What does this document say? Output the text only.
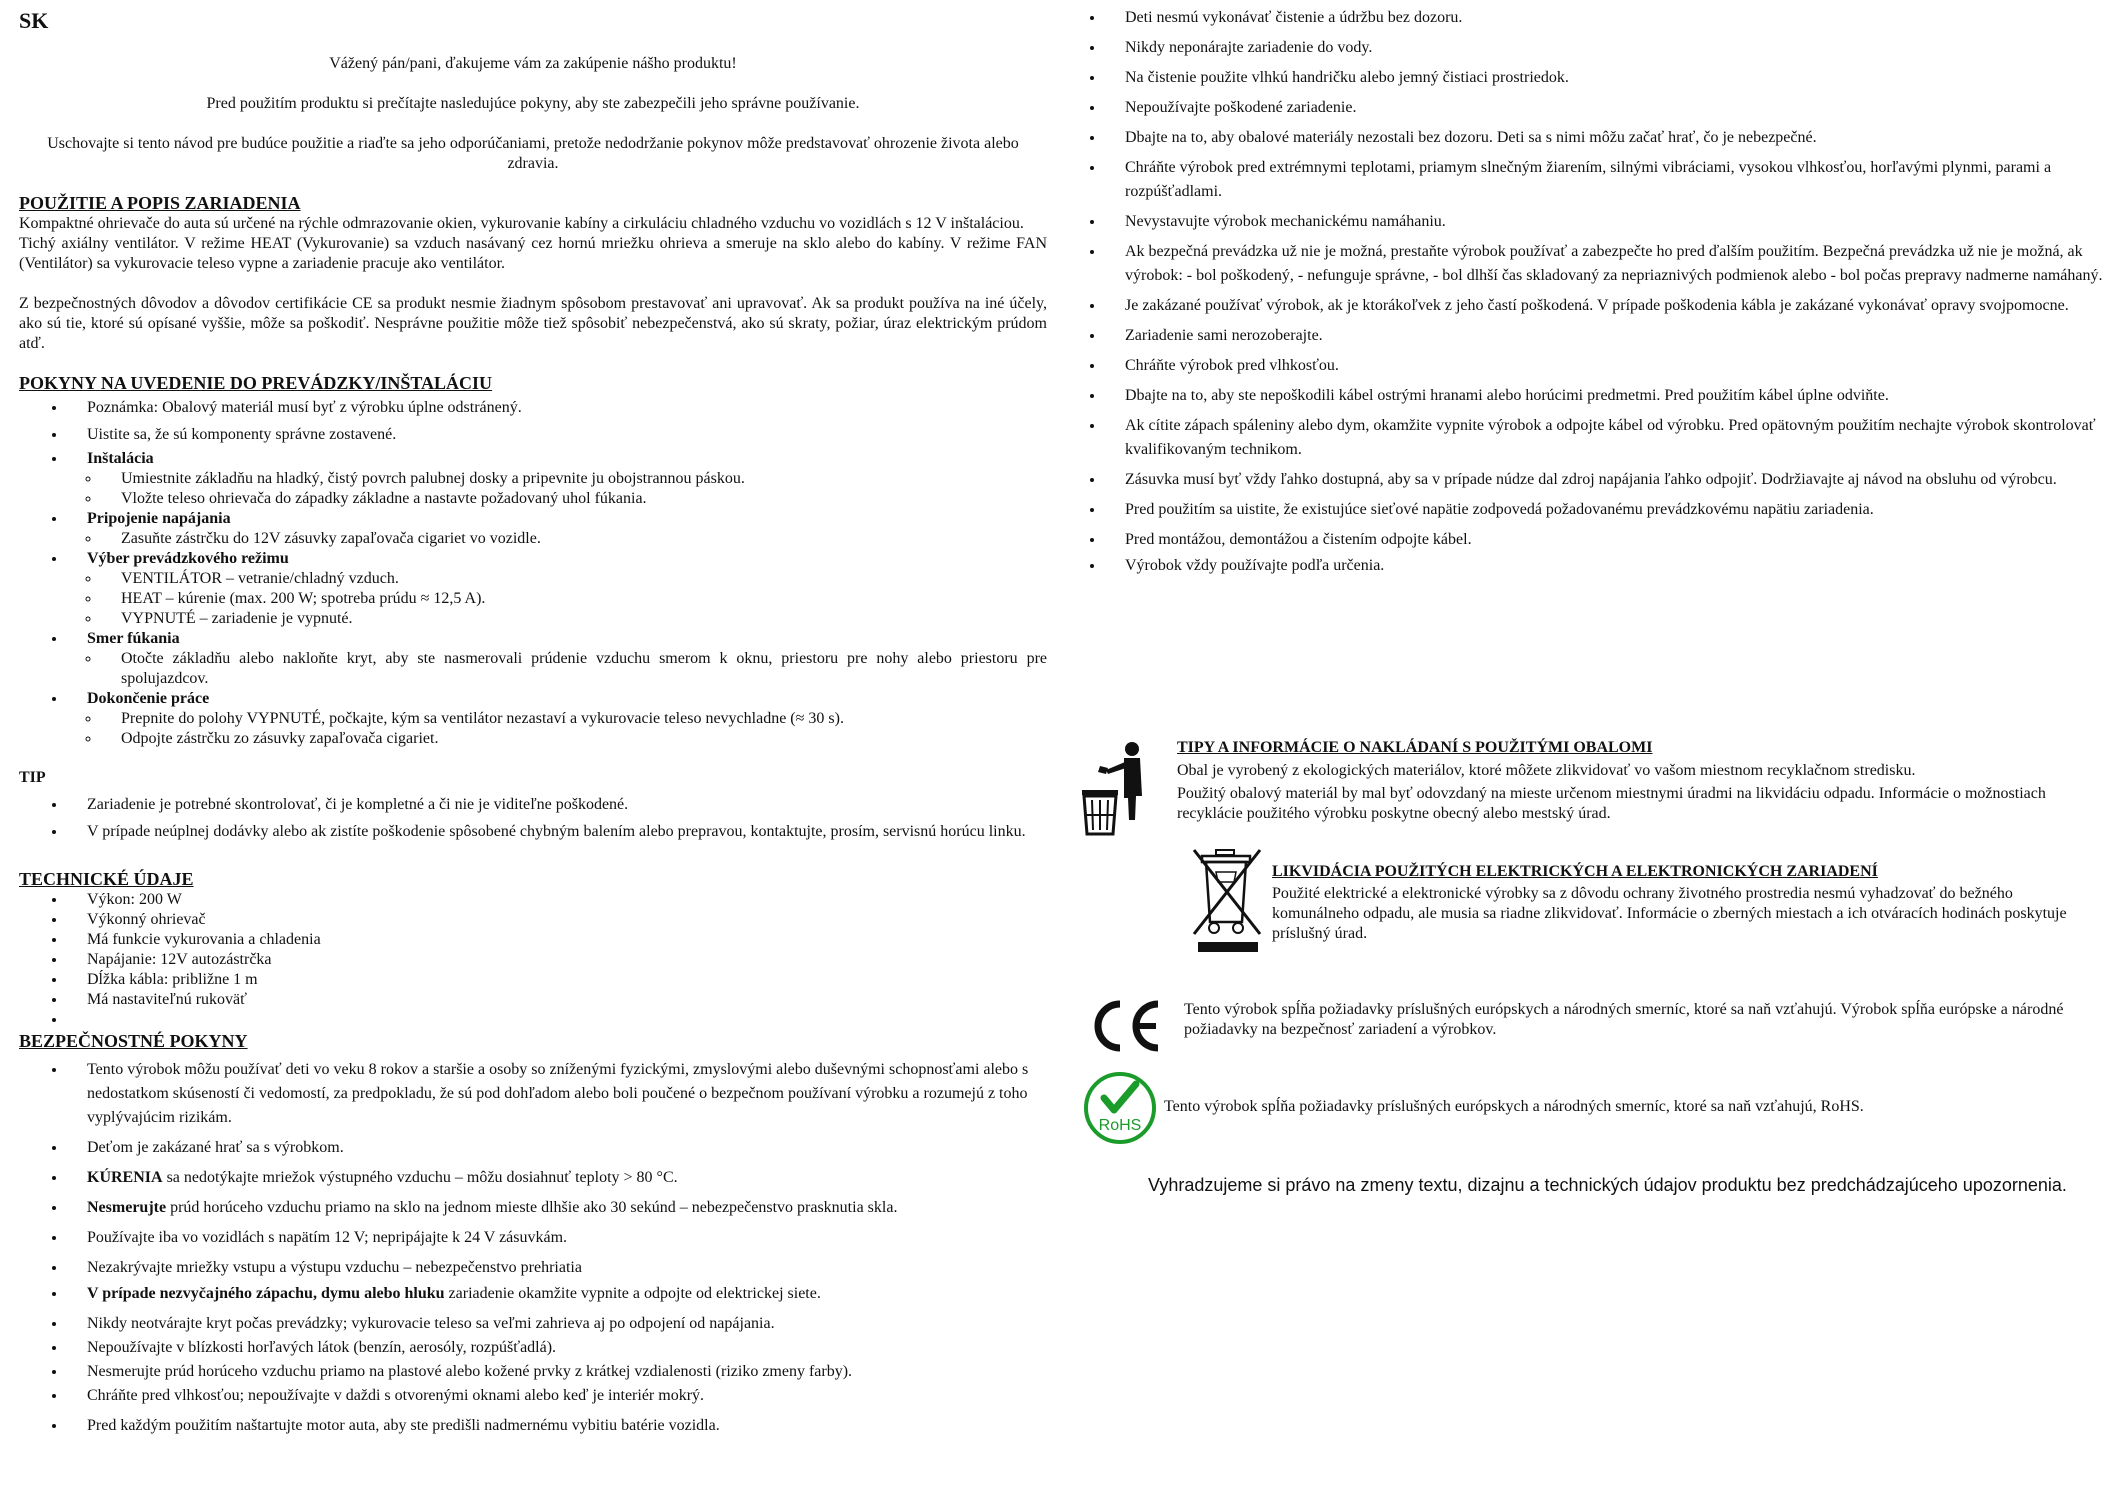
SK

Vážený pán/pani, ďakujeme vám za zakúpenie nášho produktu!

Pred použitím produktu si prečítajte nasledujúce pokyny, aby ste zabezpečili jeho správne používanie.

Uschovajte si tento návod pre budúce použitie a riaďte sa jeho odporúčaniami, pretože nedodržanie pokynov môže predstavovať ohrozenie života alebo zdravia.

POUŽITIE A POPIS ZARIADENIA

Kompaktné ohrievače do auta sú určené na rýchle odmrazovanie okien, vykurovanie kabíny a cirkuláciu chladného vzduchu vo vozidlách s 12 V inštaláciou.

Tichý axiálny ventilátor. V režime HEAT (Vykurovanie) sa vzduch nasávaný cez hornú mriežku ohrieva a smeruje na sklo alebo do kabíny. V režime FAN (Ventilátor) sa vykurovacie teleso vypne a zariadenie pracuje ako ventilátor.

Z bezpečnostných dôvodov a dôvodov certifikácie CE sa produkt nesmie žiadnym spôsobom prestavovať ani upravovať. Ak sa produkt používa na iné účely, ako sú tie, ktoré sú opísané vyššie, môže sa poškodiť. Nesprávne použitie môže tiež spôsobiť nebezpečenstvá, ako sú skraty, požiar, úraz elektrickým prúdom atď.

POKYNY NA UVEDENIE DO PREVÁDZKY/INŠTALÁCIU
• Poznámka: Obalový materiál musí byť z výrobku úplne odstránený.
• Uistite sa, že sú komponenty správne zostavené.
• Inštalácia
◦ Umiestnite základňu na hladký, čistý povrch palubnej dosky a pripevnite ju obojstrannou páskou.
◦ Vložte teleso ohrievača do západky základne a nastavte požadovaný uhol fúkania.
• Pripojenie napájania
◦ Zasuňte zástrčku do 12V zásuvky zapaľovača cigariet vo vozidle.
• Výber prevádzkového režimu
◦ VENTILÁTOR – vetranie/chladný vzduch.
◦ HEAT – kúrenie (max. 200 W; spotreba prúdu ≈ 12,5 A).
◦ VYPNUTÉ – zariadenie je vypnuté.
• Smer fúkania
◦ Otočte základňu alebo nakloňte kryt, aby ste nasmerovali prúdenie vzduchu smerom k oknu, priestoru pre nohy alebo priestoru pre spolujazdcov.
• Dokončenie práce
◦ Prepnite do polohy VYPNUTÉ, počkajte, kým sa ventilátor nezastaví a vykurovacie teleso nevychladne (≈ 30 s).
◦ Odpojte zástrčku zo zásuvky zapaľovača cigariet.
TIP
• Zariadenie je potrebné skontrolovať, či je kompletné a či nie je viditeľne poškodené.
• V prípade neúplnej dodávky alebo ak zistíte poškodenie spôsobené chybným balením alebo prepravou, kontaktujte, prosím, servisnú horúcu linku.
TECHNICKÉ ÚDAJE
• Výkon: 200 W
• Výkonný ohrievač
• Má funkcie vykurovania a chladenia
• Napájanie: 12V autozástrčka
• Dĺžka kábla: približne 1 m
• Má nastaviteľnú rukoväť
•
BEZPEČNOSTNÉ POKYNY
• Tento výrobok môžu používať deti vo veku 8 rokov a staršie a osoby so zníženými fyzickými, zmyslovými alebo duševnými schopnosťami alebo s nedostatkom skúseností či vedomostí, za predpokladu, že sú pod dohľadom alebo boli poučené o bezpečnom používaní výrobku a rozumejú z toho vyplývajúcim rizikám.
• Deťom je zakázané hrať sa s výrobkom.
• KÚRENIA sa nedotýkajte mriežok výstupného vzduchu – môžu dosiahnuť teploty > 80 °C.
• Nesmerujte prúd horúceho vzduchu priamo na sklo na jednom mieste dlhšie ako 30 sekúnd – nebezpečenstvo prasknutia skla.
• Používajte iba vo vozidlách s napätím 12 V; nepripájajte k 24 V zásuvkám.
• Nezakrývajte mriežky vstupu a výstupu vzduchu – nebezpečenstvo prehriatia
• V prípade nezvyčajného zápachu, dymu alebo hluku zariadenie okamžite vypnite a odpojte od elektrickej siete.
• Nikdy neotvárajte kryt počas prevádzky; vykurovacie teleso sa veľmi zahrieva aj po odpojení od napájania.
• Nepoužívajte v blízkosti horľavých látok (benzín, aerosóly, rozpúšťadlá).
• Nesmerujte prúd horúceho vzduchu priamo na plastové alebo kožené prvky z krátkej vzdialenosti (riziko zmeny farby).
• Chráňte pred vlhkosťou; nepoužívajte v daždi s otvorenými oknami alebo keď je interiér mokrý.
• Pred každým použitím naštartujte motor auta, aby ste predišli nadmernému vybitiu batérie vozidla.
• Deti nesmú vykonávať čistenie a údržbu bez dozoru.
• Nikdy neponárajte zariadenie do vody.
• Na čistenie použite vlhkú handričku alebo jemný čistiaci prostriedok.
• Nepoužívajte poškodené zariadenie.
• Dbajte na to, aby obalové materiály nezostali bez dozoru. Deti sa s nimi môžu začať hrať, čo je nebezpečné.
• Chráňte výrobok pred extrémnymi teplotami, priamym slnečným žiarením, silnými vibráciami, vysokou vlhkosťou, horľavými plynmi, parami a rozpúšťadlami.
• Nevystavujte výrobok mechanickému namáhaniu.
• Ak bezpečná prevádzka už nie je možná, prestaňte výrobok používať a zabezpečte ho pred ďalším použitím. Bezpečná prevádzka už nie je možná, ak výrobok: - bol poškodený, - nefunguje správne, - bol dlhší čas skladovaný za nepriaznivých podmienok alebo - bol počas prepravy nadmerne namáhaný.
• Je zakázané používať výrobok, ak je ktorákoľvek z jeho častí poškodená. V prípade poškodenia kábla je zakázané vykonávať opravy svojpomocne.
• Zariadenie sami nerozoberajte.
• Chráňte výrobok pred vlhkosťou.
• Dbajte na to, aby ste nepoškodili kábel ostrými hranami alebo horúcimi predmetmi. Pred použitím kábel úplne odviňte.
• Ak cítite zápach spáleniny alebo dym, okamžite vypnite výrobok a odpojte kábel od výrobku. Pred opätovným použitím nechajte výrobok skontrolovať kvalifikovaným technikom.
• Zásuvka musí byť vždy ľahko dostupná, aby sa v prípade núdze dal zdroj napájania ľahko odpojiť. Dodržiavajte aj návod na obsluhu od výrobcu.
• Pred použitím sa uistite, že existujúce sieťové napätie zodpovedá požadovanému prevádzkovému napätiu zariadenia.
• Pred montážou, demontážou a čistením odpojte kábel.
• Výrobok vždy používajte podľa určenia.
TIPY A INFORMÁCIE O NAKLÁDANÍ S POUŽITÝMI OBALOMI
Obal je vyrobený z ekologických materiálov, ktoré môžete zlikvidovať vo vašom miestnom recyklačnom stredisku.
Použitý obalový materiál by mal byť odovzdaný na mieste určenom miestnymi úradmi na likvidáciu odpadu. Informácie o možnostiach recyklácie použitého výrobku poskytne obecný alebo mestský úrad.
LIKVIDÁCIA POUŽITÝCH ELEKTRICKÝCH A ELEKTRONICKÝCH ZARIADENÍ
Použité elektrické a elektronické výrobky sa z dôvodu ochrany životného prostredia nesmú vyhadzovať do bežného komunálneho odpadu, ale musia sa riadne zlikvidovať. Informácie o zberných miestach a ich otváracích hodinách poskytuje príslušný úrad.
Tento výrobok spĺňa požiadavky príslušných európskych a národných smerníc, ktoré sa naň vzťahujú. Výrobok spĺňa európske a národné požiadavky na bezpečnosť zariadení a výrobkov.
RoHS
Tento výrobok spĺňa požiadavky príslušných európskych a národných smerníc, ktoré sa naň vzťahujú, RoHS.
Vyhradzujeme si právo na zmeny textu, dizajnu a technických údajov produktu bez predchádzajúceho upozornenia.
